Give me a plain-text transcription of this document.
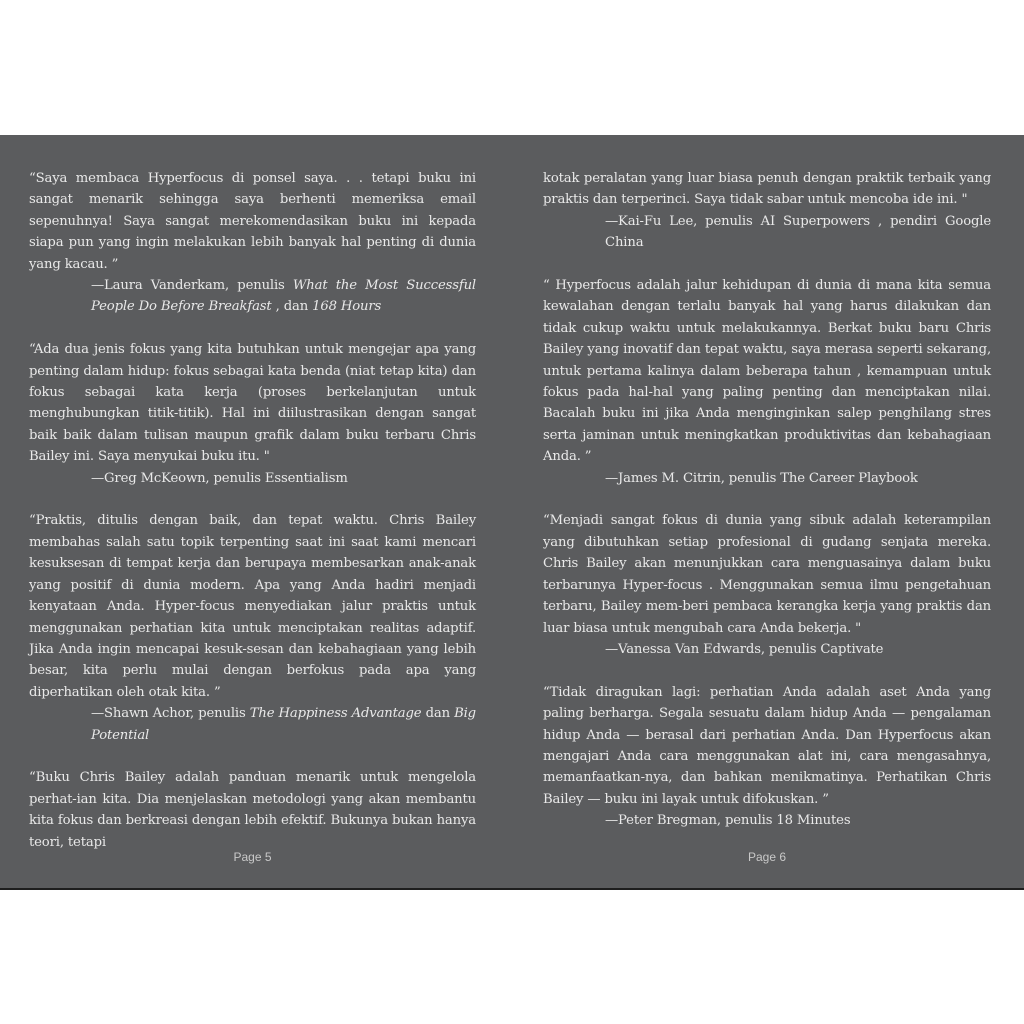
“Saya membaca Hyperfocus di ponsel saya. . . tetapi buku ini sangat menarik sehingga saya berhenti memeriksa email sepenuhnya! Saya sangat merekomendasikan buku ini kepada siapa pun yang ingin melakukan lebih banyak hal penting di dunia yang kacau. ”

—Laura Vanderkam, penulis What the Most Successful People Do Before Breakfast , dan 168 Hours

“Ada dua jenis fokus yang kita butuhkan untuk mengejar apa yang penting dalam hidup: fokus sebagai kata benda (niat tetap kita) dan fokus sebagai kata kerja (proses berkelanjutan untuk menghubungkan titik-titik). Hal ini diilustrasikan dengan sangat baik baik dalam tulisan maupun grafik dalam buku terbaru Chris Bailey ini. Saya menyukai buku itu. "

—Greg McKeown, penulis Essentialism

“Praktis, ditulis dengan baik, dan tepat waktu. Chris Bailey membahas salah satu topik terpenting saat ini saat kami mencari kesuksesan di tempat kerja dan berupaya membesarkan anak-anak yang positif di dunia modern. Apa yang Anda hadiri menjadi kenyataan Anda. Hyper-focus menyediakan jalur praktis untuk menggunakan perhatian kita untuk menciptakan realitas adaptif. Jika Anda ingin mencapai kesuk-sesan dan kebahagiaan yang lebih besar, kita perlu mulai dengan berfokus pada apa yang diperhatikan oleh otak kita. ”

—Shawn Achor, penulis The Happiness Advantage dan Big Potential

“Buku Chris Bailey adalah panduan menarik untuk mengelola perhat-ian kita. Dia menjelaskan metodologi yang akan membantu kita fokus dan berkreasi dengan lebih efektif. Bukunya bukan hanya teori, tetapi

Page 5

kotak peralatan yang luar biasa penuh dengan praktik terbaik yang praktis dan terperinci. Saya tidak sabar untuk mencoba ide ini. "

—Kai-Fu Lee, penulis AI Superpowers , pendiri Google China

“ Hyperfocus adalah jalur kehidupan di dunia di mana kita semua kewalahan dengan terlalu banyak hal yang harus dilakukan dan tidak cukup waktu untuk melakukannya. Berkat buku baru Chris Bailey yang inovatif dan tepat waktu, saya merasa seperti sekarang, untuk pertama kalinya dalam beberapa tahun , kemampuan untuk fokus pada hal-hal yang paling penting dan menciptakan nilai. Bacalah buku ini jika Anda menginginkan salep penghilang stres serta jaminan untuk meningkatkan produktivitas dan kebahagiaan Anda. ”

—James M. Citrin, penulis The Career Playbook

“Menjadi sangat fokus di dunia yang sibuk adalah keterampilan yang dibutuhkan setiap profesional di gudang senjata mereka. Chris Bailey akan menunjukkan cara menguasainya dalam buku terbarunya Hyper-focus . Menggunakan semua ilmu pengetahuan terbaru, Bailey mem-beri pembaca kerangka kerja yang praktis dan luar biasa untuk mengubah cara Anda bekerja. "

—Vanessa Van Edwards, penulis Captivate

“Tidak diragukan lagi: perhatian Anda adalah aset Anda yang paling berharga. Segala sesuatu dalam hidup Anda — pengalaman hidup Anda — berasal dari perhatian Anda. Dan Hyperfocus akan mengajari Anda cara menggunakan alat ini, cara mengasahnya, memanfaatkan-nya, dan bahkan menikmatinya. Perhatikan Chris Bailey — buku ini layak untuk difokuskan. ”

—Peter Bregman, penulis 18 Minutes

Page 6
